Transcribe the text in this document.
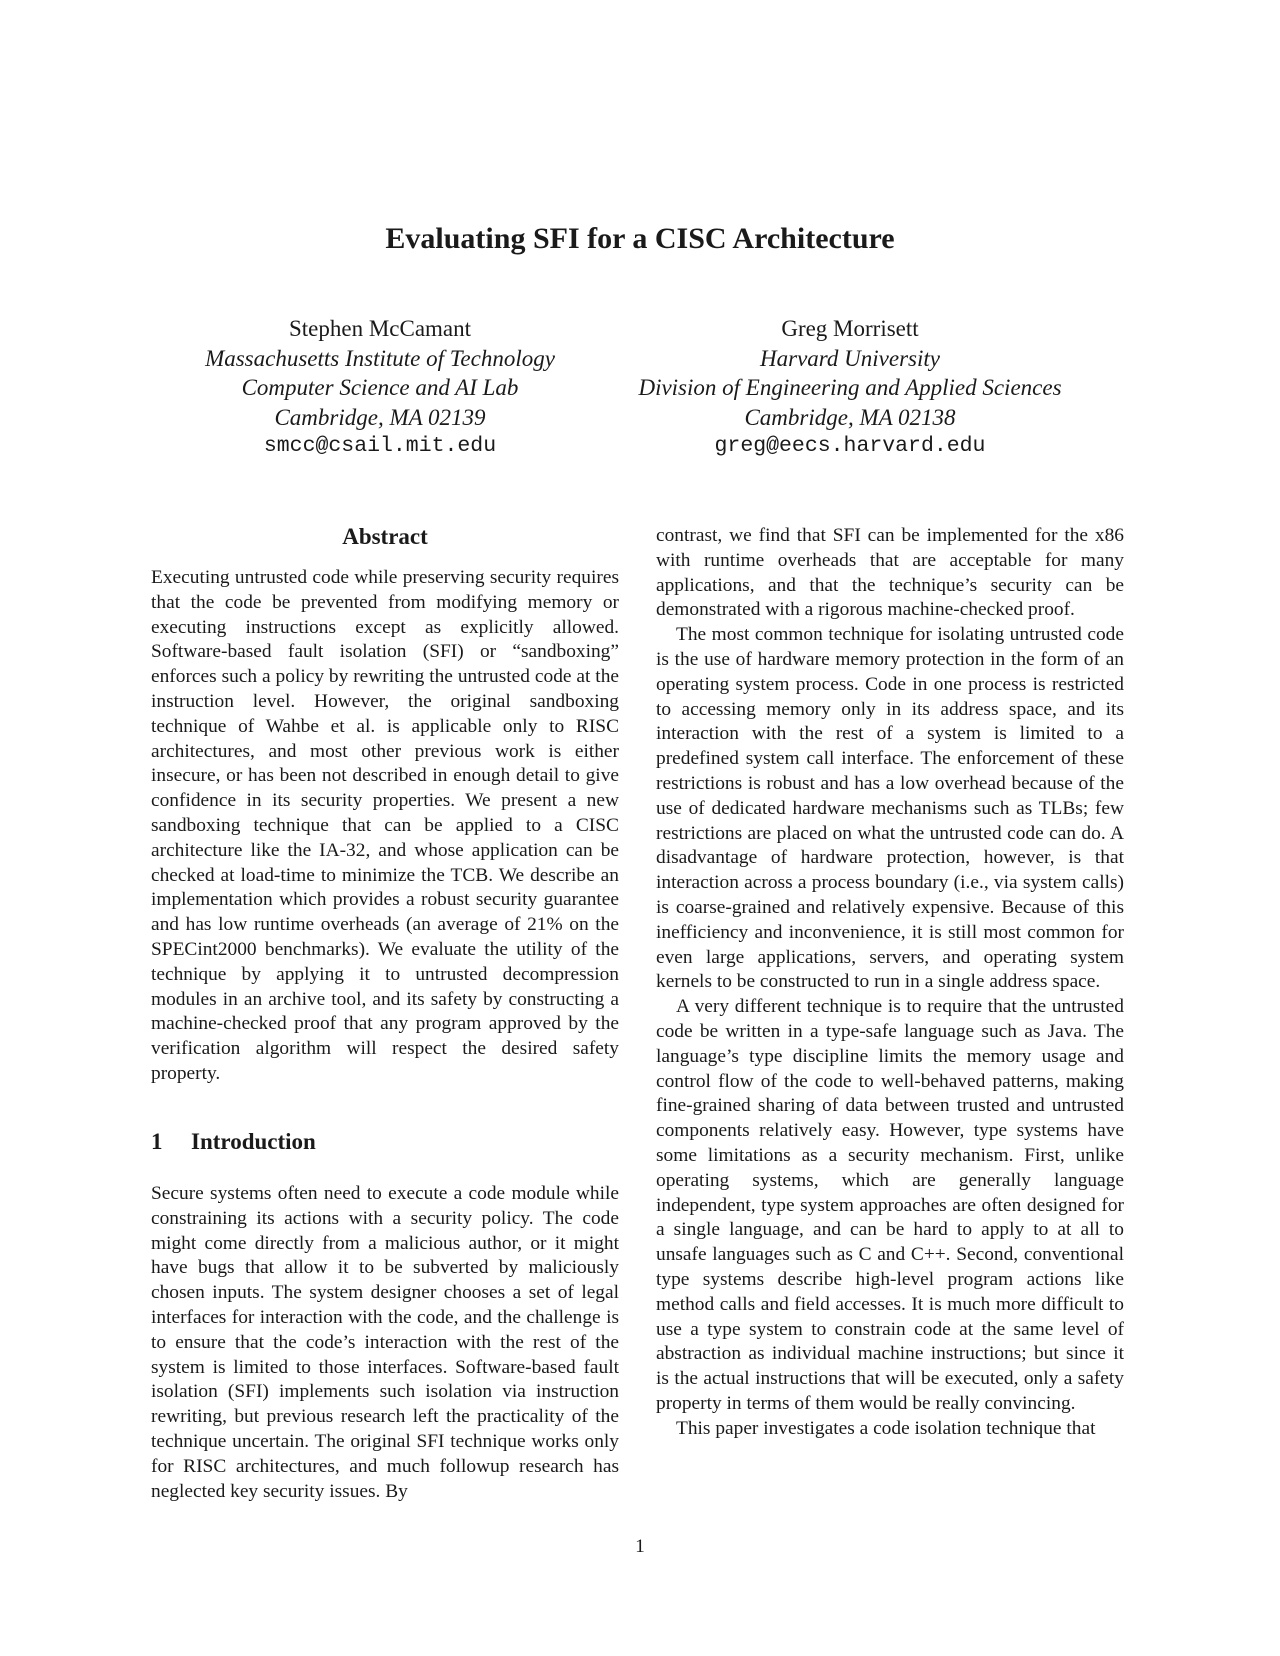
Evaluating SFI for a CISC Architecture
Stephen McCamant
Massachusetts Institute of Technology
Computer Science and AI Lab
Cambridge, MA 02139
smcc@csail.mit.edu
Greg Morrisett
Harvard University
Division of Engineering and Applied Sciences
Cambridge, MA 02138
greg@eecs.harvard.edu
Abstract

Executing untrusted code while preserving security requires that the code be prevented from modifying memory or executing instructions except as explicitly allowed. Software-based fault isolation (SFI) or “sandboxing” enforces such a policy by rewriting the untrusted code at the instruction level. However, the original sandboxing technique of Wahbe et al. is applicable only to RISC architectures, and most other previous work is either insecure, or has been not described in enough detail to give confidence in its security properties. We present a new sandboxing technique that can be applied to a CISC architecture like the IA-32, and whose application can be checked at load-time to minimize the TCB. We describe an implementation which provides a robust security guarantee and has low runtime overheads (an average of 21% on the SPECint2000 benchmarks). We evaluate the utility of the technique by applying it to untrusted decompression modules in an archive tool, and its safety by constructing a machine-checked proof that any program approved by the verification algorithm will respect the desired safety property.

1 Introduction

Secure systems often need to execute a code module while constraining its actions with a security policy. The code might come directly from a malicious author, or it might have bugs that allow it to be subverted by maliciously chosen inputs. The system designer chooses a set of legal interfaces for interaction with the code, and the challenge is to ensure that the code’s interaction with the rest of the system is limited to those interfaces. Software-based fault isolation (SFI) implements such isolation via instruction rewriting, but previous research left the practicality of the technique uncertain. The original SFI technique works only for RISC architectures, and much followup research has neglected key security issues. By

contrast, we find that SFI can be implemented for the x86 with runtime overheads that are acceptable for many applications, and that the technique’s security can be demonstrated with a rigorous machine-checked proof.

The most common technique for isolating untrusted code is the use of hardware memory protection in the form of an operating system process. Code in one process is restricted to accessing memory only in its address space, and its interaction with the rest of a system is limited to a predefined system call interface. The enforcement of these restrictions is robust and has a low overhead because of the use of dedicated hardware mechanisms such as TLBs; few restrictions are placed on what the untrusted code can do. A disadvantage of hardware protection, however, is that interaction across a process boundary (i.e., via system calls) is coarse-grained and relatively expensive. Because of this inefficiency and inconvenience, it is still most common for even large applications, servers, and operating system kernels to be constructed to run in a single address space.

A very different technique is to require that the untrusted code be written in a type-safe language such as Java. The language’s type discipline limits the memory usage and control flow of the code to well-behaved patterns, making fine-grained sharing of data between trusted and untrusted components relatively easy. However, type systems have some limitations as a security mechanism. First, unlike operating systems, which are generally language independent, type system approaches are often designed for a single language, and can be hard to apply to at all to unsafe languages such as C and C++. Second, conventional type systems describe high-level program actions like method calls and field accesses. It is much more difficult to use a type system to constrain code at the same level of abstraction as individual machine instructions; but since it is the actual instructions that will be executed, only a safety property in terms of them would be really convincing.

This paper investigates a code isolation technique that

1
